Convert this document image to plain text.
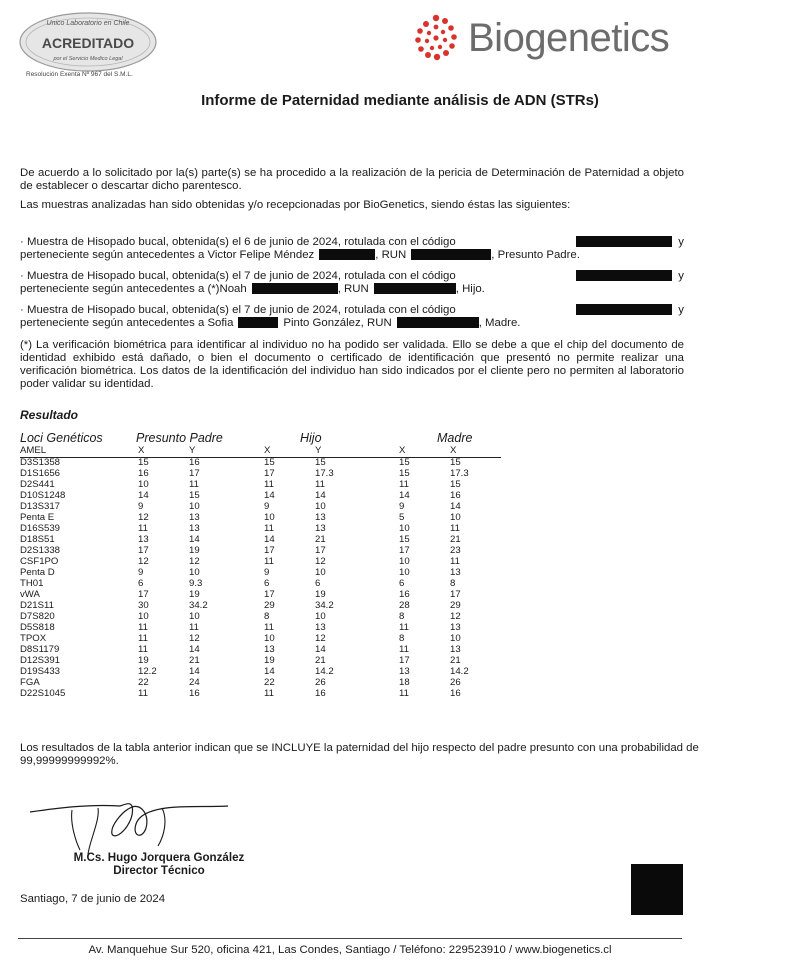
Unico Laboratorio en Chile
ACREDITADO
por el Servicio Medico Legal
Resolución Exenta Nº 967 del S.M.L.
Biogenetics
Informe de Paternidad mediante análisis de ADN (STRs)
De acuerdo a lo solicitado por la(s) parte(s) se ha procedido a la realización de la pericia de Determinación de Paternidad a objeto de establecer o descartar dicho parentesco.
Las muestras analizadas han sido obtenidas y/o recepcionadas por BioGenetics, siendo éstas las siguientes:
· Muestra de Hisopado bucal, obtenida(s) el 6 de junio de 2024, rotulada con el código	y
perteneciente según antecedentes a Victor Felipe Méndez	, RUN	, Presunto Padre.
· Muestra de Hisopado bucal, obtenida(s) el 7 de junio de 2024, rotulada con el código	y
perteneciente según antecedentes a (*)Noah	, RUN	, Hijo.
· Muestra de Hisopado bucal, obtenida(s) el 7 de junio de 2024, rotulada con el código	y
perteneciente según antecedentes a Sofia	Pinto González, RUN	, Madre.
(*) La verificación biométrica para identificar al individuo no ha podido ser validada. Ello se debe a que el chip del documento de identidad exhibido está dañado, o bien el documento o certificado de identificación que presentó no permite realizar una verificación biométrica. Los datos de la identificación del individuo han sido indicados por el cliente pero no permiten al laboratorio poder validar su identidad.
Resultado
Loci Genéticos	Presunto Padre	Hijo	Madre
AMEL	X	Y		X	Y		X	X
D3S1358	15	16		15	15		15	15
D1S1656	16	17		17	17.3		15	17.3
D2S441	10	11		11	11		11	15
D10S1248	14	15		14	14		14	16
D13S317	9	10		9	10		9	14
Penta E	12	13		10	13		5	10
D16S539	11	13		11	13		10	11
D18S51	13	14		14	21		15	21
D2S1338	17	19		17	17		17	23
CSF1PO	12	12		11	12		10	11
Penta D	9	10		9	10		10	13
TH01	6	9.3		6	6		6	8
vWA	17	19		17	19		16	17
D21S11	30	34.2		29	34.2		28	29
D7S820	10	10		8	10		8	12
D5S818	11	11		11	13		11	13
TPOX	11	12		10	12		8	10
D8S1179	11	14		13	14		11	13
D12S391	19	21		19	21		17	21
D19S433	12.2	14		14	14.2		13	14.2
FGA	22	24		22	26		18	26
D22S1045	11	16		11	16		11	16
Los resultados de la tabla anterior indican que se INCLUYE la paternidad del hijo respecto del padre presunto con una probabilidad de 99,99999999992%.
M.Cs. Hugo Jorquera González
Director Técnico
Santiago, 7 de junio de 2024
Av. Manquehue Sur 520, oficina 421, Las Condes, Santiago / Teléfono: 229523910 / www.biogenetics.cl
